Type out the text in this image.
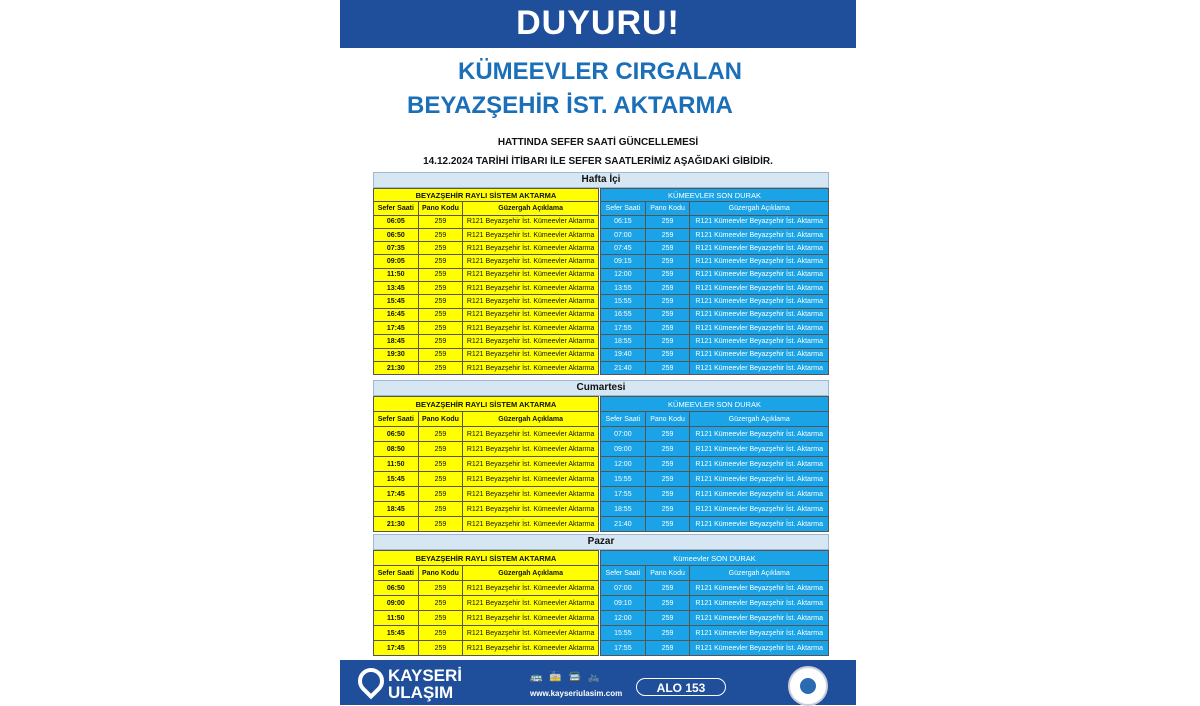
DUYURU!
KÜMEEVLER CIRGALAN
BEYAZŞEHİR İST. AKTARMA
HATTINDA SEFER SAATİ GÜNCELLEMESİ
14.12.2024 TARİHİ İTİBARI İLE SEFER SAATLERİMİZ AŞAĞIDAKİ GİBİDİR.
Hafta İçi
BEYAZŞEHİR RAYLI SİSTEM AKTARMA		
Sefer Saati	Pano Kodu	Güzergah Açıklama
06:05	259	R121 Beyazşehir İst. Kümeevler Aktarma
06:50	259	R121 Beyazşehir İst. Kümeevler Aktarma
07:35	259	R121 Beyazşehir İst. Kümeevler Aktarma
09:05	259	R121 Beyazşehir İst. Kümeevler Aktarma
11:50	259	R121 Beyazşehir İst. Kümeevler Aktarma
13:45	259	R121 Beyazşehir İst. Kümeevler Aktarma
15:45	259	R121 Beyazşehir İst. Kümeevler Aktarma
16:45	259	R121 Beyazşehir İst. Kümeevler Aktarma
17:45	259	R121 Beyazşehir İst. Kümeevler Aktarma
18:45	259	R121 Beyazşehir İst. Kümeevler Aktarma
19:30	259	R121 Beyazşehir İst. Kümeevler Aktarma
21:30	259	R121 Beyazşehir İst. Kümeevler Aktarma
KÜMEEVLER SON DURAK		
Sefer Saati	Pano Kodu	Güzergah Açıklama
06:15	259	R121 Kümeevler Beyazşehir İst. Aktarma
07:00	259	R121 Kümeevler Beyazşehir İst. Aktarma
07:45	259	R121 Kümeevler Beyazşehir İst. Aktarma
09:15	259	R121 Kümeevler Beyazşehir İst. Aktarma
12:00	259	R121 Kümeevler Beyazşehir İst. Aktarma
13:55	259	R121 Kümeevler Beyazşehir İst. Aktarma
15:55	259	R121 Kümeevler Beyazşehir İst. Aktarma
16:55	259	R121 Kümeevler Beyazşehir İst. Aktarma
17:55	259	R121 Kümeevler Beyazşehir İst. Aktarma
18:55	259	R121 Kümeevler Beyazşehir İst. Aktarma
19:40	259	R121 Kümeevler Beyazşehir İst. Aktarma
21:40	259	R121 Kümeevler Beyazşehir İst. Aktarma
Cumartesi
BEYAZŞEHİR RAYLI SİSTEM AKTARMA		
Sefer Saati	Pano Kodu	Güzergah Açıklama
06:50	259	R121 Beyazşehir İst. Kümeevler Aktarma
08:50	259	R121 Beyazşehir İst. Kümeevler Aktarma
11:50	259	R121 Beyazşehir İst. Kümeevler Aktarma
15:45	259	R121 Beyazşehir İst. Kümeevler Aktarma
17:45	259	R121 Beyazşehir İst. Kümeevler Aktarma
18:45	259	R121 Beyazşehir İst. Kümeevler Aktarma
21:30	259	R121 Beyazşehir İst. Kümeevler Aktarma
KÜMEEVLER SON DURAK		
Sefer Saati	Pano Kodu	Güzergah Açıklama
07:00	259	R121 Kümeevler Beyazşehir İst. Aktarma
09:00	259	R121 Kümeevler Beyazşehir İst. Aktarma
12:00	259	R121 Kümeevler Beyazşehir İst. Aktarma
15:55	259	R121 Kümeevler Beyazşehir İst. Aktarma
17:55	259	R121 Kümeevler Beyazşehir İst. Aktarma
18:55	259	R121 Kümeevler Beyazşehir İst. Aktarma
21:40	259	R121 Kümeevler Beyazşehir İst. Aktarma
Pazar
BEYAZŞEHİR RAYLI SİSTEM AKTARMA		
Sefer Saati	Pano Kodu	Güzergah Açıklama
06:50	259	R121 Beyazşehir İst. Kümeevler Aktarma
09:00	259	R121 Beyazşehir İst. Kümeevler Aktarma
11:50	259	R121 Beyazşehir İst. Kümeevler Aktarma
15:45	259	R121 Beyazşehir İst. Kümeevler Aktarma
17:45	259	R121 Beyazşehir İst. Kümeevler Aktarma
Kümeevler SON DURAK		
Sefer Saati	Pano Kodu	Güzergah Açıklama
07:00	259	R121 Kümeevler Beyazşehir İst. Aktarma
09:10	259	R121 Kümeevler Beyazşehir İst. Aktarma
12:00	259	R121 Kümeevler Beyazşehir İst. Aktarma
15:55	259	R121 Kümeevler Beyazşehir İst. Aktarma
17:55	259	R121 Kümeevler Beyazşehir İst. Aktarma
KAYSERİ
ULAŞIM
🚌 🚋 🚍 🚲
www.kayseriulasim.com	ALO 153
